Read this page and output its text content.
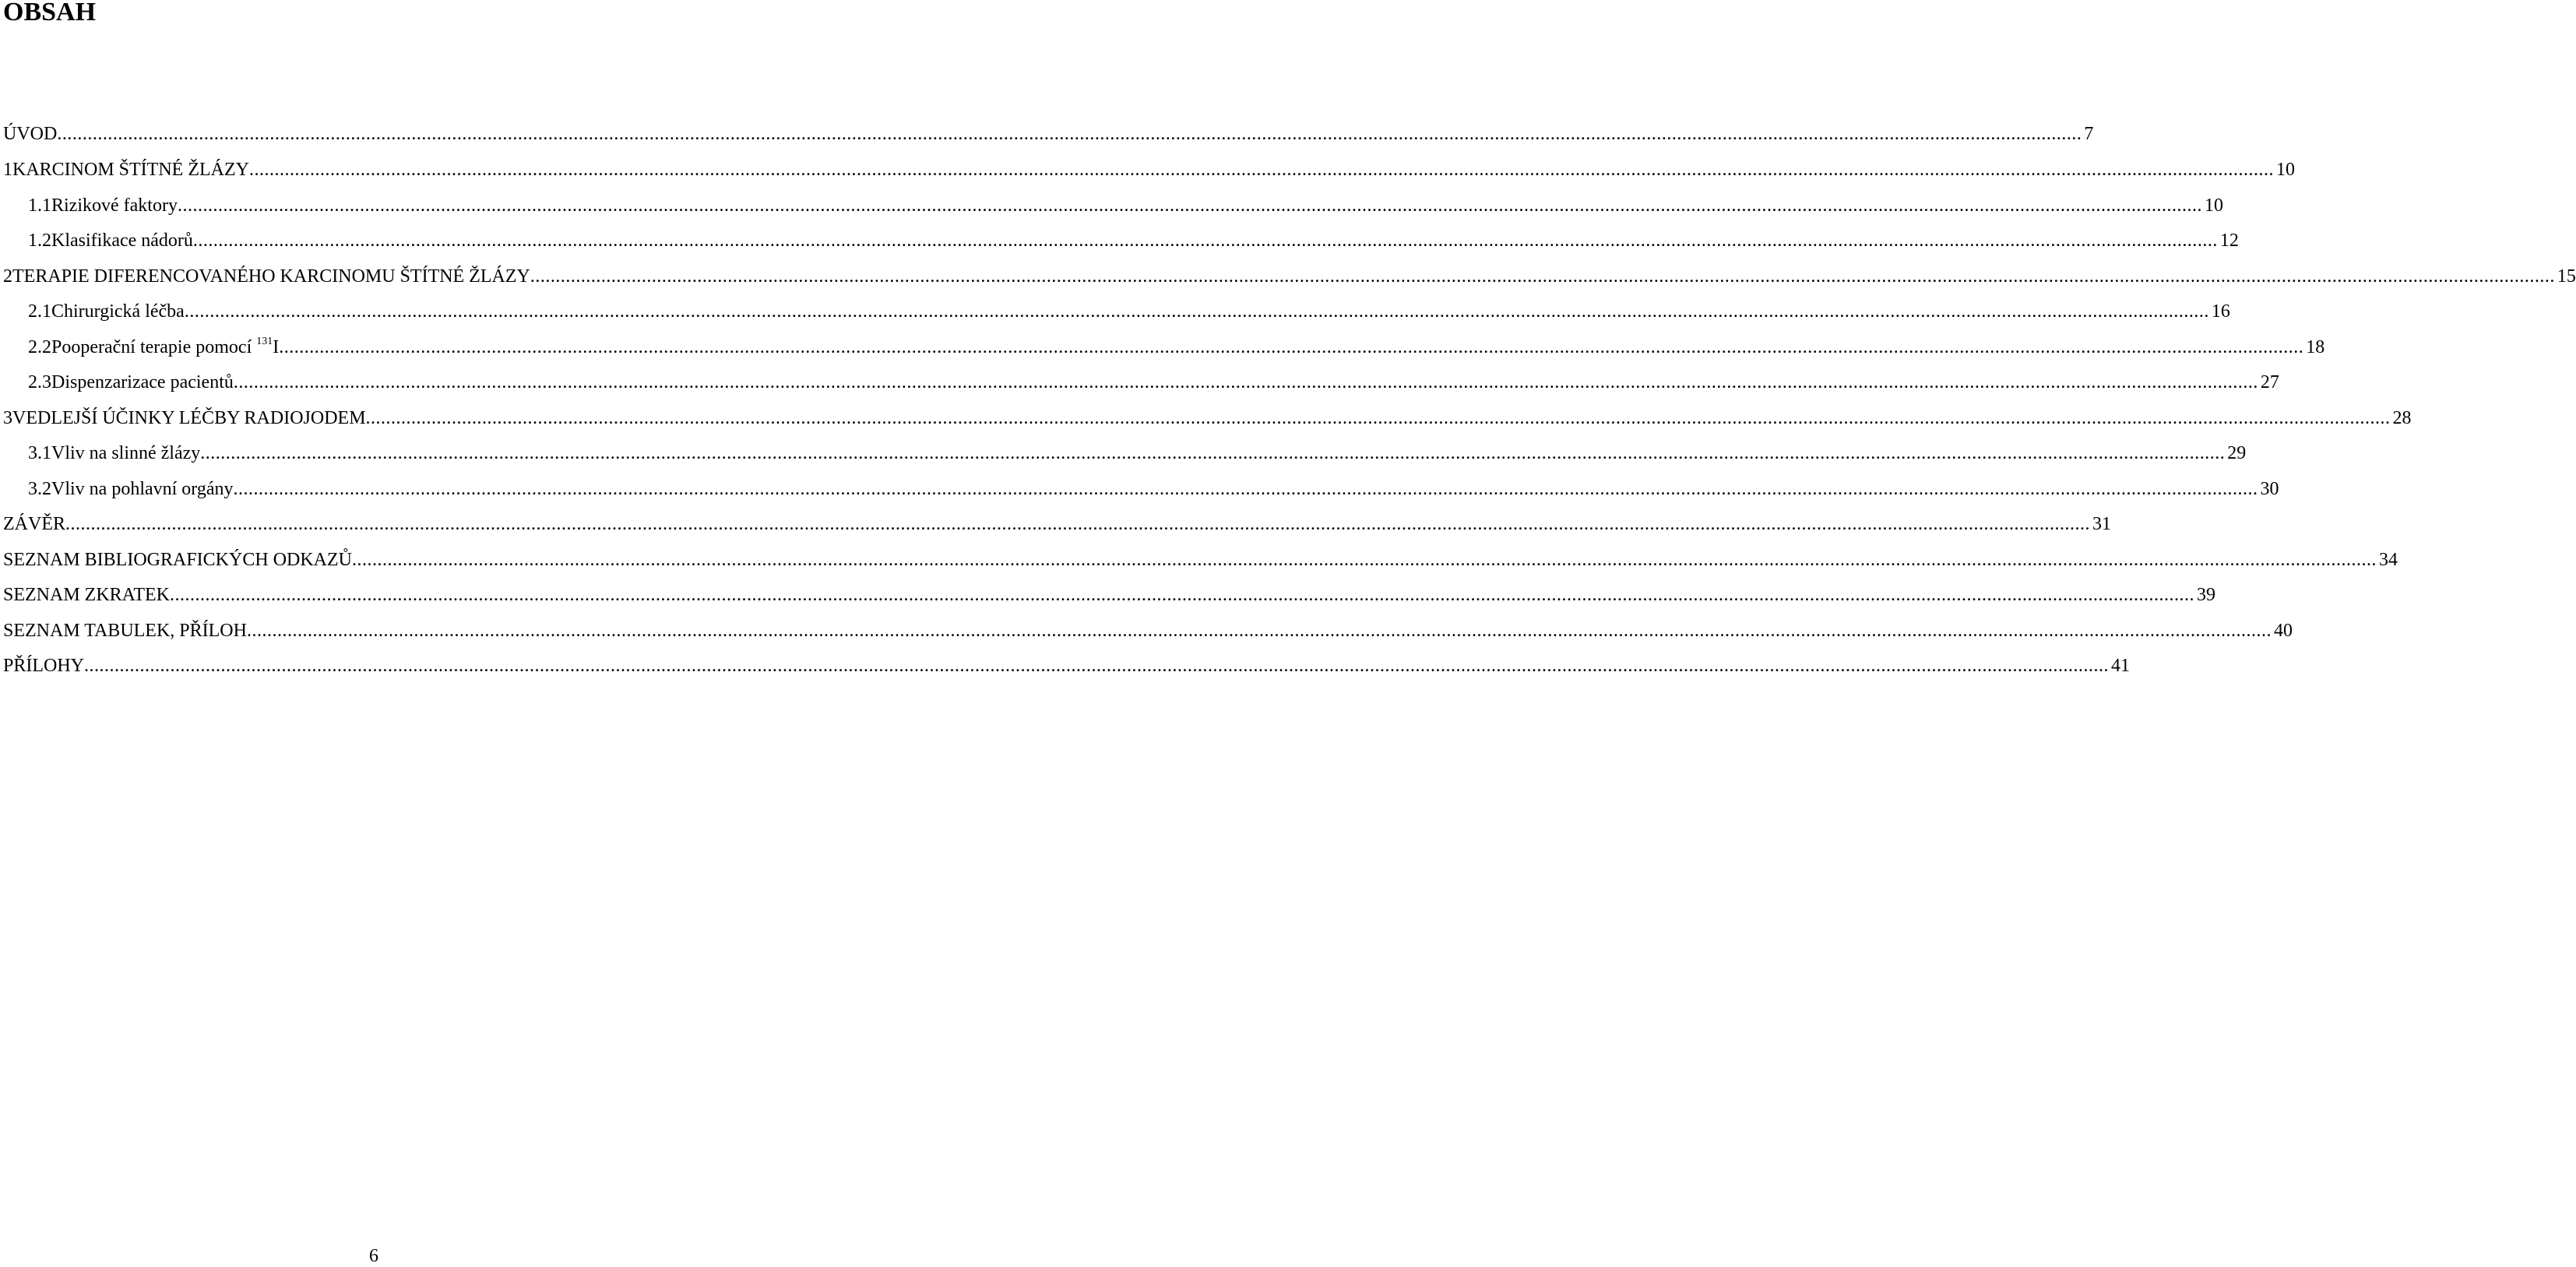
OBSAH
ÚVOD ................................................................................................................................................................................................................................................................................................................................................................................................................ 7
1 KARCINOM ŠTÍTNÉ ŽLÁZY ................................................................................................................................................................................................................................................................................................................................................................................................................ 10
1.1 Rizikové faktory ................................................................................................................................................................................................................................................................................................................................................................................................................ 10
1.2 Klasifikace nádorů ................................................................................................................................................................................................................................................................................................................................................................................................................ 12
2 TERAPIE DIFERENCOVANÉHO KARCINOMU ŠTÍTNÉ ŽLÁZY ................................................................................................................................................................................................................................................................................................................................................................................................................ 15
2.1 Chirurgická léčba ................................................................................................................................................................................................................................................................................................................................................................................................................ 16
2.2 Pooperační terapie pomocí $^{131}$I ................................................................................................................................................................................................................................................................................................................................................................................................................ 18
2.3 Dispenzarizace pacientů ................................................................................................................................................................................................................................................................................................................................................................................................................ 27
3 VEDLEJŠÍ ÚČINKY LÉČBY RADIOJODEM ................................................................................................................................................................................................................................................................................................................................................................................................................ 28
3.1 Vliv na slinné žlázy ................................................................................................................................................................................................................................................................................................................................................................................................................ 29
3.2 Vliv na pohlavní orgány ................................................................................................................................................................................................................................................................................................................................................................................................................ 30
ZÁVĚR ................................................................................................................................................................................................................................................................................................................................................................................................................ 31
SEZNAM BIBLIOGRAFICKÝCH ODKAZŮ ................................................................................................................................................................................................................................................................................................................................................................................................................ 34
SEZNAM ZKRATEK ................................................................................................................................................................................................................................................................................................................................................................................................................ 39
SEZNAM TABULEK, PŘÍLOH ................................................................................................................................................................................................................................................................................................................................................................................................................ 40
PŘÍLOHY ................................................................................................................................................................................................................................................................................................................................................................................................................ 41
6
